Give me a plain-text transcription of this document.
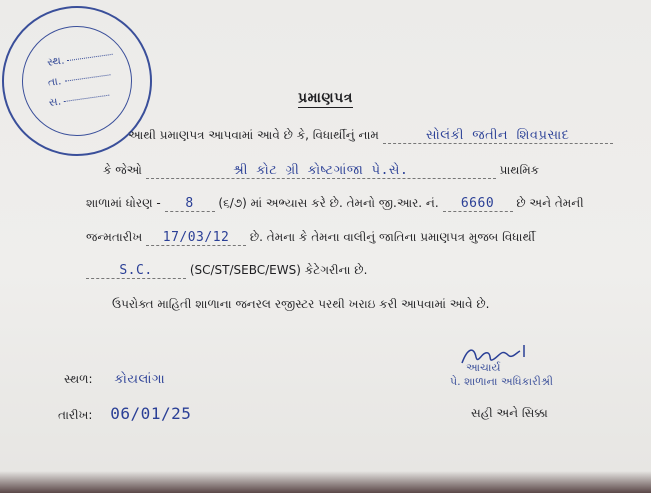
સ્થ.
તા.
સ.	પ્રમાણપત્ર
આથી પ્રમાણપત્ર આપવામાં આવે છે કે, વિધાર્થીનું નામ	સોલંકી જતીન શિવપ્રસાદ
કે જેઓ	શ્રી કોટ ગ્રી કોષ્ટગાંજા પે.સે.	પ્રાથમિક
શાળામાં ધોરણ - 8 (૬/૭) માં અભ્યાસ કરે છે. તેમનો જી.આર. નં. 6660 છે અને તેમની
જન્મતારીખ 17/03/12 છે. તેમના કે તેમના વાલીનું જાતિના પ્રમાણપત્ર મુજબ વિધાર્થી
S.C.	(SC/ST/SEBC/EWS) કેટેગરીના છે.
ઉપરોક્ત માહિતી શાળાના જનરલ રજીસ્ટર પરથી ખરાઇ કરી આપવામાં આવે છે.
સ્થળ: કોયલાંગા
તારીખ: 06/01/25
આચાર્ય
પે. શાળાના અધિકારીશ્રી
સહી અને સિક્કા
